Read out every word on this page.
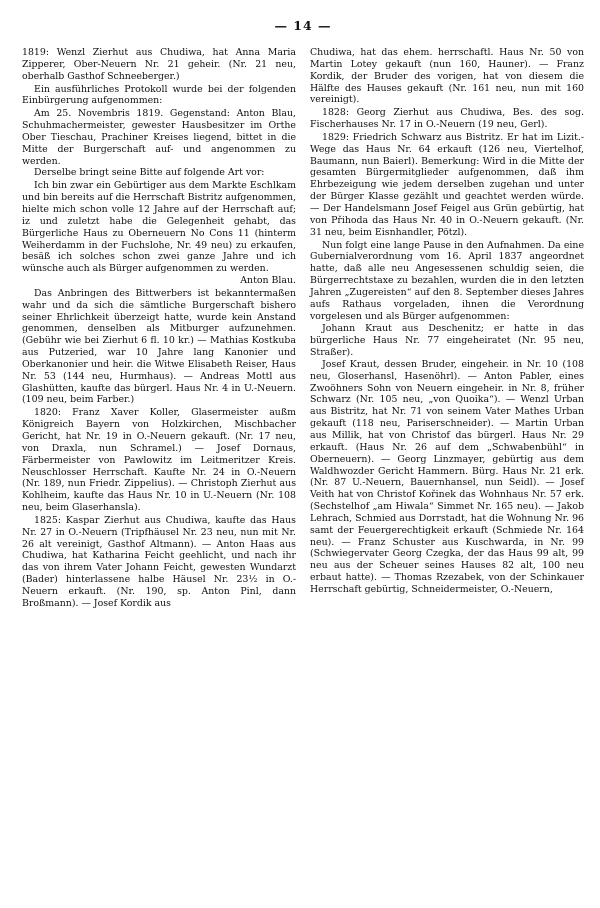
— 14 —

1819: Wenzl Zierhut aus Chudiwa, hat Anna Maria Zipperer, Ober-Neuern Nr. 21 geheir. (Nr. 21 neu, oberhalb Gasthof Schneeberger.)

Ein ausführliches Protokoll wurde bei der folgenden Einbürgerung aufgenommen:

Am 25. Novembris 1819. Gegenstand: Anton Blau, Schuhmachermeister, gewester Hausbesitzer im Orthe Ober Tieschau, Prachiner Kreises liegend, bittet in die Mitte der Burgerschaft auf- und angenommen zu werden.

Derselbe bringt seine Bitte auf folgende Art vor:

Ich bin zwar ein Gebürtiger aus dem Markte Eschlkam und bin bereits auf die Herrschaft Bistritz aufgenommen, hielte mich schon volle 12 Jahre auf der Herrschaft auf; iz und zuletzt habe die Gelegenheit gehabt, das Bürgerliche Haus zu Oberneuern No Cons 11 (hinterm Weiherdamm in der Fuchslohe, Nr. 49 neu) zu erkaufen, besäß ich solches schon zwei ganze Jahre und ich wünsche auch als Bürger aufgenommen zu werden.

Anton Blau.

Das Anbringen des Bittwerbers ist bekanntermaßen wahr und da sich die sämtliche Burgerschaft bishero seiner Ehrlichkeit überzeigt hatte, wurde kein Anstand genommen, denselben als Mitburger aufzunehmen. (Gebühr wie bei Zierhut 6 fl. 10 kr.) — Mathias Kostkuba aus Putzeried, war 10 Jahre lang Kanonier und Oberkanonier und heir. die Witwe Elisabeth Reiser, Haus Nr. 53 (144 neu, Hurmhaus). — Andreas Mottl aus Glashütten, kaufte das bürgerl. Haus Nr. 4 in U.-Neuern. (109 neu, beim Farber.)

1820: Franz Xaver Koller, Glasermeister außm Königreich Bayern von Holzkirchen, Mischbacher Gericht, hat Nr. 19 in O.-Neuern gekauft. (Nr. 17 neu, von Draxla, nun Schramel.) — Josef Dornaus, Färbermeister von Pawlowitz im Leitmeritzer Kreis. Neuschlosser Herrschaft. Kaufte Nr. 24 in O.-Neuern (Nr. 189, nun Friedr. Zippelius). — Christoph Zierhut aus Kohlheim, kaufte das Haus Nr. 10 in U.-Neuern (Nr. 108 neu, beim Glaserhansla).

1825: Kaspar Zierhut aus Chudiwa, kaufte das Haus Nr. 27 in O.-Neuern (Tripfhäusel Nr. 23 neu, nun mit Nr. 26 alt vereinigt, Gasthof Altmann). — Anton Haas aus Chudiwa, hat Katharina Feicht geehlicht, und nach ihr das von ihrem Vater Johann Feicht, gewesten Wundarzt (Bader) hinterlassene halbe Häusel Nr. 23½ in O.-Neuern erkauft. (Nr. 190, sp. Anton Pinl, dann Broßmann). — Josef Kordik aus

Chudiwa, hat das ehem. herrschaftl. Haus Nr. 50 von Martin Lotey gekauft (nun 160, Hauner). — Franz Kordik, der Bruder des vorigen, hat von diesem die Hälfte des Hauses gekauft (Nr. 161 neu, nun mit 160 vereinigt).

1828: Georg Zierhut aus Chudiwa, Bes. des sog. Fischerhauses Nr. 17 in O.-Neuern (19 neu, Gerl).

1829: Friedrich Schwarz aus Bistritz. Er hat im Lizit.-Wege das Haus Nr. 64 erkauft (126 neu, Viertelhof, Baumann, nun Baierl). Bemerkung: Wird in die Mitte der gesamten Bürgermitglieder aufgenommen, daß ihm Ehrbezeigung wie jedem derselben zugehan und unter der Bürger Klasse gezählt und geachtet werden würde. — Der Handelsmann Josef Feigel aus Grün gebürtig, hat von Přihoda das Haus Nr. 40 in O.-Neuern gekauft. (Nr. 31 neu, beim Eisnhandler, Pötzl).

Nun folgt eine lange Pause in den Aufnahmen. Da eine Gubernialverordnung vom 16. April 1837 angeordnet hatte, daß alle neu Angesessenen schuldig seien, die Bürgerrechtstaxe zu bezahlen, wurden die in den letzten Jahren „Zugereisten“ auf den 8. September dieses Jahres aufs Rathaus vorgeladen, ihnen die Verordnung vorgelesen und als Bürger aufgenommen:

Johann Kraut aus Deschenitz; er hatte in das bürgerliche Haus Nr. 77 eingeheiratet (Nr. 95 neu, Straßer).

Josef Kraut, dessen Bruder, eingeheir. in Nr. 10 (108 neu, Gloserhansl, Hasenöhrl). — Anton Pabler, eines Zwoöhners Sohn von Neuern eingeheir. in Nr. 8, früher Schwarz (Nr. 105 neu, „von Quoika“). — Wenzl Urban aus Bistritz, hat Nr. 71 von seinem Vater Mathes Urban gekauft (118 neu, Pariserschneider). — Martin Urban aus Millik, hat von Christof das bürgerl. Haus Nr. 29 erkauft. (Haus Nr. 26 auf dem „Schwabenbühl“ in Oberneuern). — Georg Linzmayer, gebürtig aus dem Waldhwozder Gericht Hammern. Bürg. Haus Nr. 21 erk. (Nr. 87 U.-Neuern, Bauernhansel, nun Seidl). — Josef Veith hat von Christof Kořinek das Wohnhaus Nr. 57 erk. (Sechstelhof „am Hiwala“ Simmet Nr. 165 neu). — Jakob Lehrach, Schmied aus Dorrstadt, hat die Wohnung Nr. 96 samt der Feuergerechtigkeit erkauft (Schmiede Nr. 164 neu). — Franz Schuster aus Kuschwarda, in Nr. 99 (Schwiegervater Georg Czegka, der das Haus 99 alt, 99 neu aus der Scheuer seines Hauses 82 alt, 100 neu erbaut hatte). — Thomas Rzezabek, von der Schinkauer Herrschaft gebürtig, Schneidermeister, O.-Neuern,
